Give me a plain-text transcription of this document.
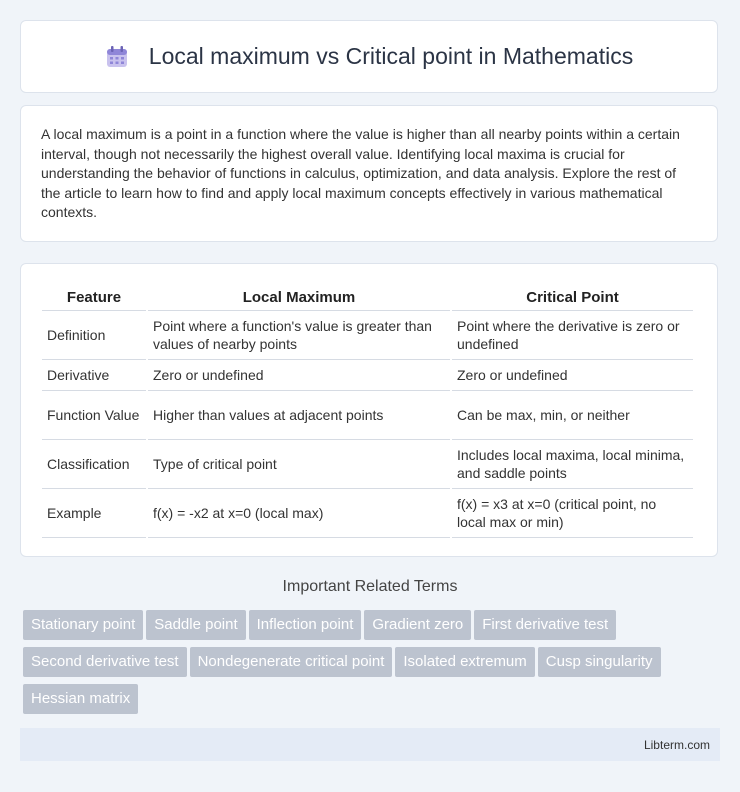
Local maximum vs Critical point in Mathematics

A local maximum is a point in a function where the value is higher than all nearby points within a certain interval, though not necessarily the highest overall value. Identifying local maxima is crucial for understanding the behavior of functions in calculus, optimization, and data analysis. Explore the rest of the article to learn how to find and apply local maximum concepts effectively in various mathematical contexts.

Feature	Local Maximum	Critical Point
Definition	Point where a function's value is greater than values of nearby points	Point where the derivative is zero or undefined
Derivative	Zero or undefined	Zero or undefined
Function Value	Higher than values at adjacent points	Can be max, min, or neither
Classification	Type of critical point	Includes local maxima, local minima, and saddle points
Example	f(x) = -x2 at x=0 (local max)	f(x) = x3 at x=0 (critical point, no local max or min)
Important Related Terms
Stationary point Saddle point Inflection point Gradient zero First derivative test
Second derivative test Nondegenerate critical point Isolated extremum Cusp singularity
Hessian matrix
Libterm.com
